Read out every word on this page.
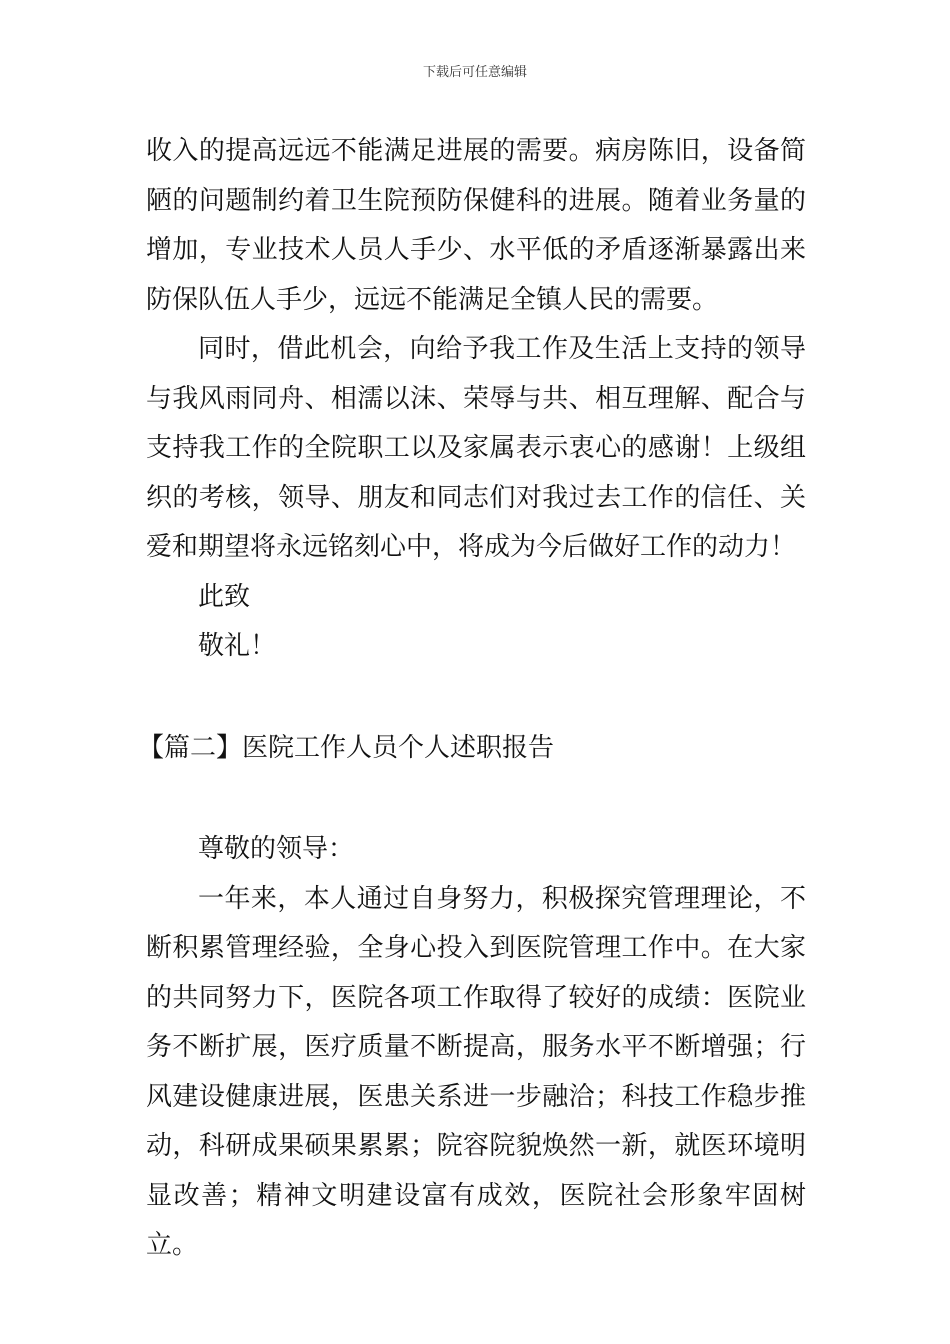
下载后可任意编辑

收入的提高远远不能满足进展的需要。病房陈旧，设备简陋的问题制约着卫生院预防保健科的进展。随着业务量的增加，专业技术人员人手少、水平低的矛盾逐渐暴露出来防保队伍人手少，远远不能满足全镇人民的需要。

同时，借此机会，向给予我工作及生活上支持的领导与我风雨同舟、相濡以沫、荣辱与共、相互理解、配合与支持我工作的全院职工以及家属表示衷心的感谢！上级组织的考核，领导、朋友和同志们对我过去工作的信任、关爱和期望将永远铭刻心中，将成为今后做好工作的动力！

此致

敬礼！

【篇二】医院工作人员个人述职报告

尊敬的领导：

一年来，本人通过自身努力，积极探究管理理论，不断积累管理经验，全身心投入到医院管理工作中。在大家的共同努力下，医院各项工作取得了较好的成绩：医院业务不断扩展，医疗质量不断提高，服务水平不断增强；行风建设健康进展，医患关系进一步融洽；科技工作稳步推动，科研成果硕果累累；院容院貌焕然一新，就医环境明显改善；精神文明建设富有成效，医院社会形象牢固树立。
